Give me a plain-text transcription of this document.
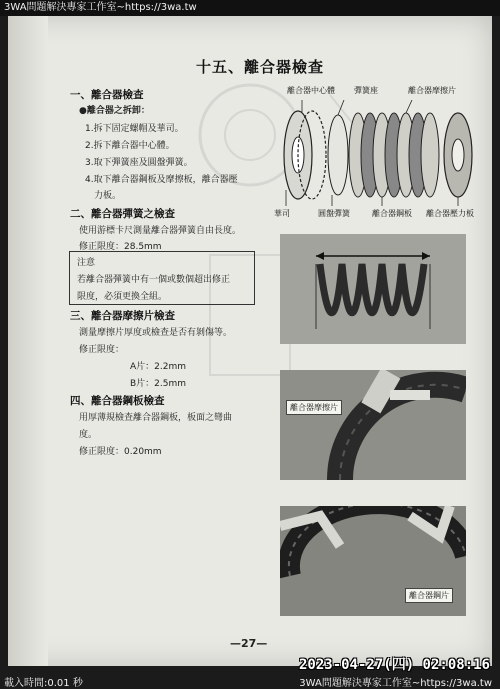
3WA問題解決專家工作室~https://3wa.tw
十五、離合器檢查
一、離合器檢查
●離合器之拆卸：
1.拆下固定螺帽及華司。
2.拆下離合器中心體。
3.取下彈簧座及圓盤彈簧。
4.取下離合器鋼板及摩擦板，離合器壓
力板。
二、離合器彈簧之檢查
使用游標卡尺測量離合器彈簧自由長度。
修正限度：28.5mm
注意
若離合器彈簧中有一個或數個超出修正
限度，必須更換全組。
三、離合器摩擦片檢查
測量摩擦片厚度或檢查是否有剝傷等。
修正限度：
A片：2.2mm
B片：2.5mm
四、離合器鋼板檢查
用厚薄規檢查離合器鋼板，板面之彎曲
度。
修正限度：0.20mm
離合器中心體 彈簧座	離合器摩擦片
華司	圓盤彈簧	離合器鋼板 離合器壓力板
離合器摩擦片
離合器鋼片
—27—
2023-04-27(四) 02:08:16
載入時間:0.01 秒	3WA問題解決專家工作室~https://3wa.tw
